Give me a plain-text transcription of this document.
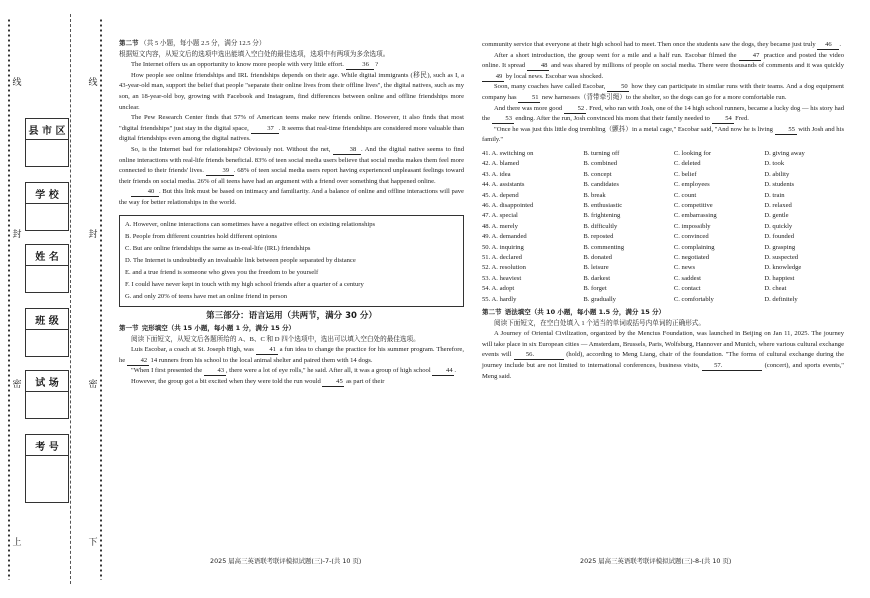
线
封
密
上
线
封
密
下
县 市 区
学 校
姓 名
班 级
试 场
考 号

第二节 （共 5 小题，每小题 2.5 分，满分 12.5 分）

根据短文内容，从短文后的选项中选出能填入空白处的最佳选项，选项中有两项为多余选项。

The Internet offers us an opportunity to know more people with very little effort.	36 ?

How people see online friendships and IRL friendships depends on their age. While digital immigrants (移民), such as I, a 43-year-old man, support the belief that people "separate their online lives from their offline lives", the digital natives, such as my son, an 18-year-old boy, growing with Facebook and Instagram, find differences between online and offline friendships more unclear.

The Pew Research Center finds that 57% of American teens make new friends online. However, it also finds that most "digital friendships" just stay in the digital space,	37 . It seems that real-time friendships are considered more valuable than digital friendships even among the digital natives.

So, is the Internet bad for relationships? Obviously not. Without the net,	38 . And the digital native seems to find online interactions with real-life friends beneficial. 83% of teen social media users believe that social media makes them feel more connected to their friends' lives.	39 . 68% of teen social media users report having experienced unpleasant feelings toward their friends on social media. 26% of all teens have had an argument with a friend over something that happened online.

40 . But this link must be based on intimacy and familiarity. And a balance of online and offline interactions will pave the way for better relationships in the world.

A. However, online interactions can sometimes have a negative effect on existing relationships

B. People from different countries hold different opinions

C. But are online friendships the same as in-real-life (IRL) friendships

D. The Internet is undoubtedly an invaluable link between people separated by distance

E. and a true friend is someone who gives you the freedom to be yourself

F. I could have never kept in touch with my high school friends after a quarter of a century

G. and only 20% of teens have met an online friend in person

第三部分：语言运用（共两节，满分 30 分）

第一节 完形填空（共 15 小题，每小题 1 分，满分 15 分）

阅读下面短文，从短文后各题所给的 A、B、C 和 D 四个选项中，选出可以填入空白处的最佳选项。

Luis Escobar, a coach at St. Joseph High, was 41 a fun idea to change the practice for his summer program. Therefore, he 42 14 runners from his school to the local animal shelter and paired them with 14 dogs.

"When I first presented the 43 , there were a lot of eye rolls," he said. After all, it was a group of high school 44 .

However, the group got a bit excited when they were told the run would 45 as part of their

2025 届高三英语联考联评模拟试题(三)-7-(共 10 页)

community service that everyone at their high school had to meet. Then once the students saw the dogs, they became just truly 46 .

After a short introduction, the group went for a mile and a half run. Escobar filmed the 47 practice and posted the video online. It spread 48 and was shared by millions of people on social media. There were thousands of comments and it was quickly 49 by local news. Escobar was shocked.

Soon, many coaches have called Escobar, 50 how they can participate in similar runs with their teams. And a dog equipment company has 51 new harnesses（背带牵引绳）to the shelter, so the dogs can go for a more comfortable run.

And there was more good 52 . Fred, who ran with Josh, one of the 14 high school runners, became a lucky dog — his story had the 53 ending. After the run, Josh convinced his mom that their family needed to 54 Fred.

"Once he was just this little dog trembling（颤抖）in a metal cage," Escobar said, "And now he is living 55 with Josh and his family."

41. A. switching on	B. turning off	C. looking for	D. giving away
42. A. blamed	B. combined	C. deleted	D. took
43. A. idea	B. concept	C. belief	D. ability
44. A. assistants	B. candidates	C. employees	D. students
45. A. depend	B. break	C. count	D. train
46. A. disappointed	B. enthusiastic	C. competitive	D. relaxed
47. A. special	B. frightening	C. embarrassing	D. gentle
48. A. merely	B. difficultly	C. impossibly	D. quickly
49. A. demanded	B. reposted	C. convinced	D. founded
50. A. inquiring	B. commenting	C. complaining	D. grasping
51. A. declared	B. donated	C. negotiated	D. suspected
52. A. resolution	B. leisure	C. news	D. knowledge
53. A. heaviest	B. darkest	C. saddest	D. happiest
54. A. adopt	B. forget	C. contact	D. cheat
55. A. hardly	B. gradually	C. comfortably	D. definitely

第二节 语法填空（共 10 小题，每小题 1.5 分，满分 15 分）

阅读下面短文，在空白处填入 1 个适当的单词或括号内单词的正确形式。

A Journey of Oriental Civilization, organized by the Mencius Foundation, was launched in Beijing on Jan 11, 2025. The journey will take place in six European cities — Amsterdam, Brussels, Paris, Wolfsburg, Hannover and Munich, where various cultural exchange events will 56.	(hold), according to Meng Liang, chair of the foundation. "The forms of cultural exchange during the journey include but are not limited to international conferences, business visits, 57.	(concert), and sports events," Meng said.

2025 届高三英语联考联评模拟试题(三)-8-(共 10 页)
